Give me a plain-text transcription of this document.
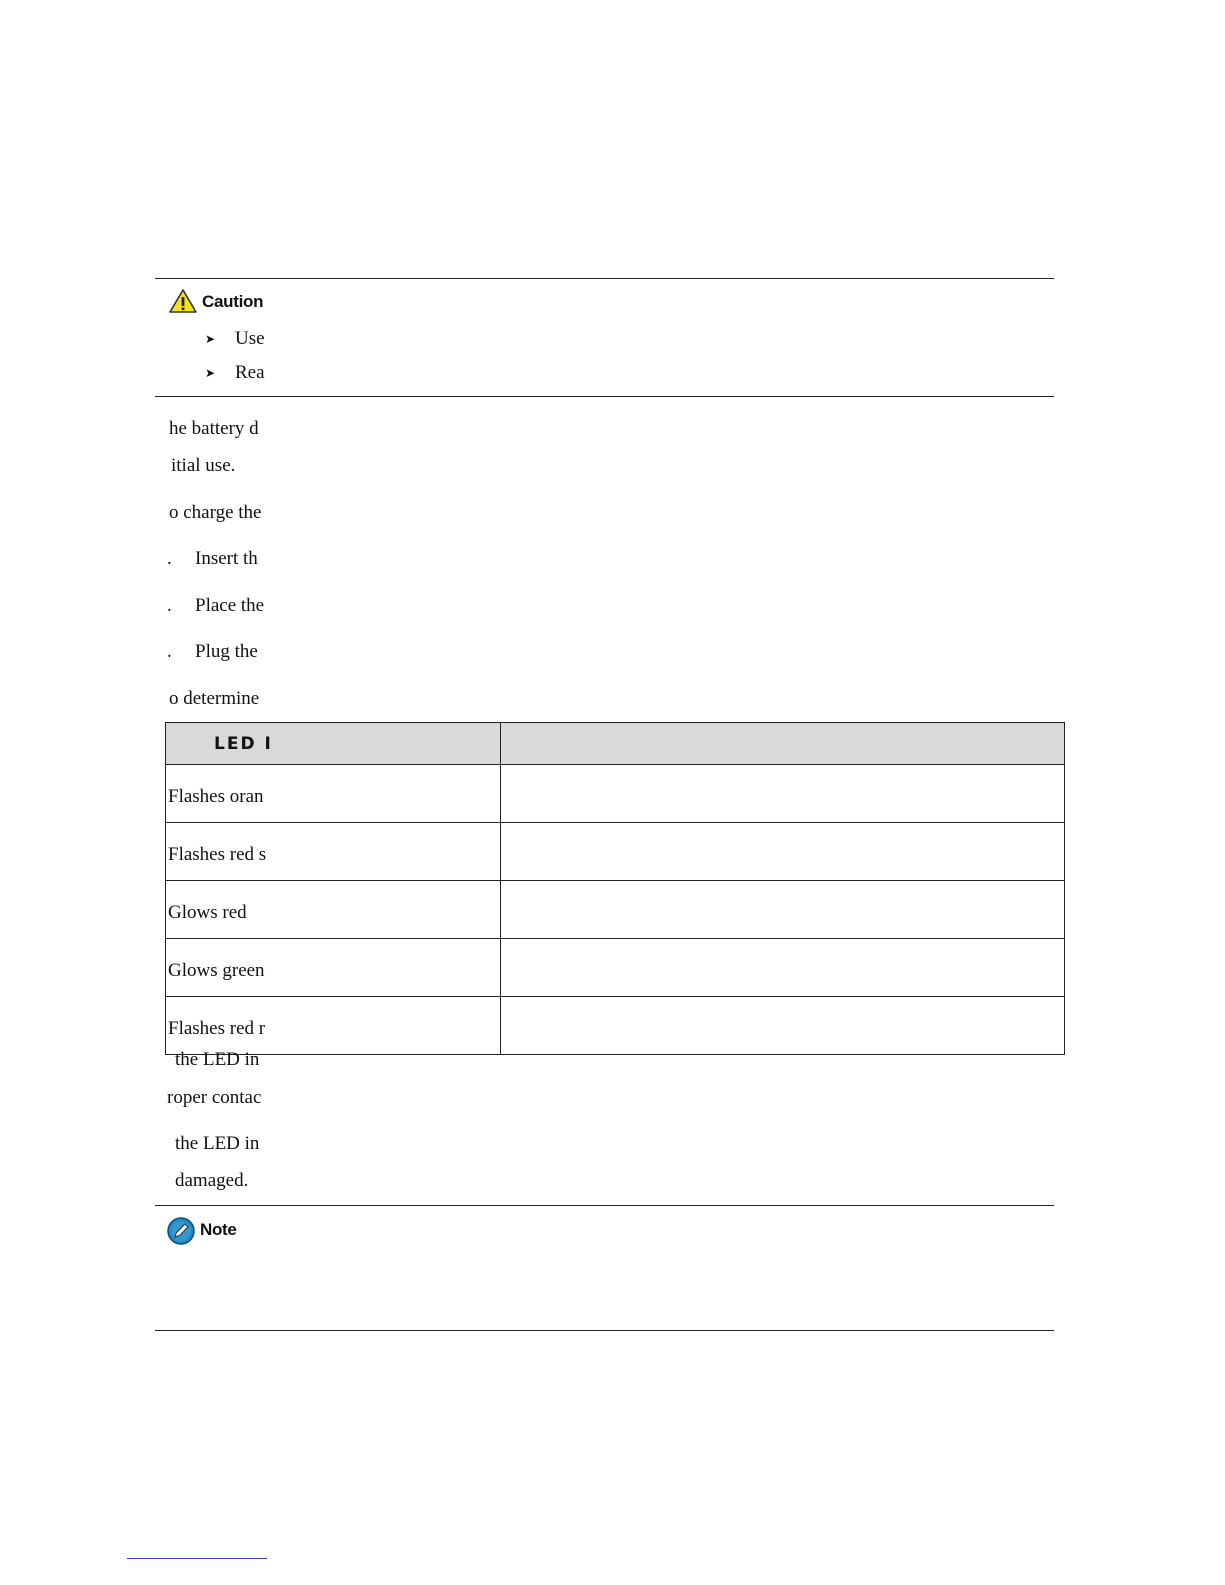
Caution
➤	Use
➤	Rea
he battery d
itial use.
o charge the
.	Insert th
.	Place the
.	Plug the
o determine
LED I	
Flashes oran	
Flashes red s	
Glows red	
Glows green	
Flashes red r	
the LED in
roper contac
the LED in
damaged.
Note
